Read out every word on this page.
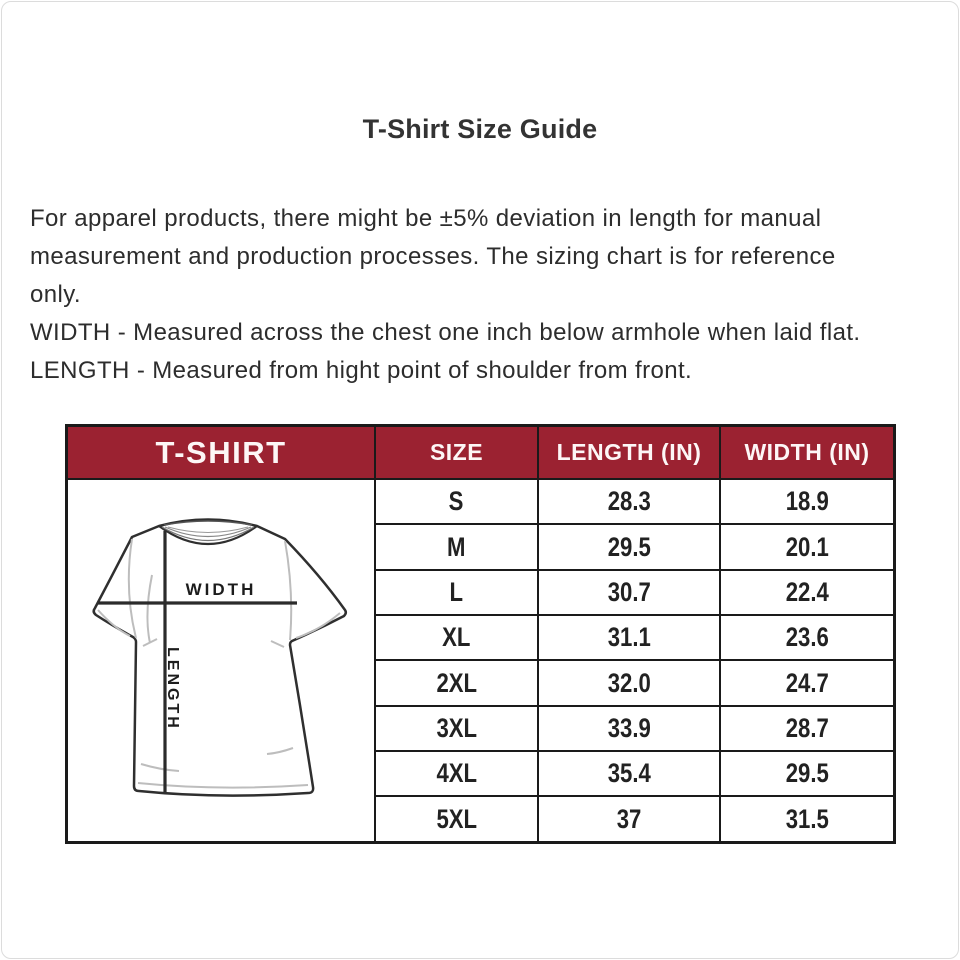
T-Shirt Size Guide
For apparel products, there might be ±5% deviation in length for manual
measurement and production processes. The sizing chart is for reference
only.
WIDTH - Measured across the chest one inch below armhole when laid flat.
LENGTH - Measured from hight point of shoulder from front.
T-SHIRT	SIZE	LENGTH (IN)	WIDTH (IN)
WIDTH
LENGTH
S	28.3	18.9
M	29.5	20.1
L	30.7	22.4
XL	31.1	23.6
2XL	32.0	24.7
3XL	33.9	28.7
4XL	35.4	29.5
5XL	37	31.5
